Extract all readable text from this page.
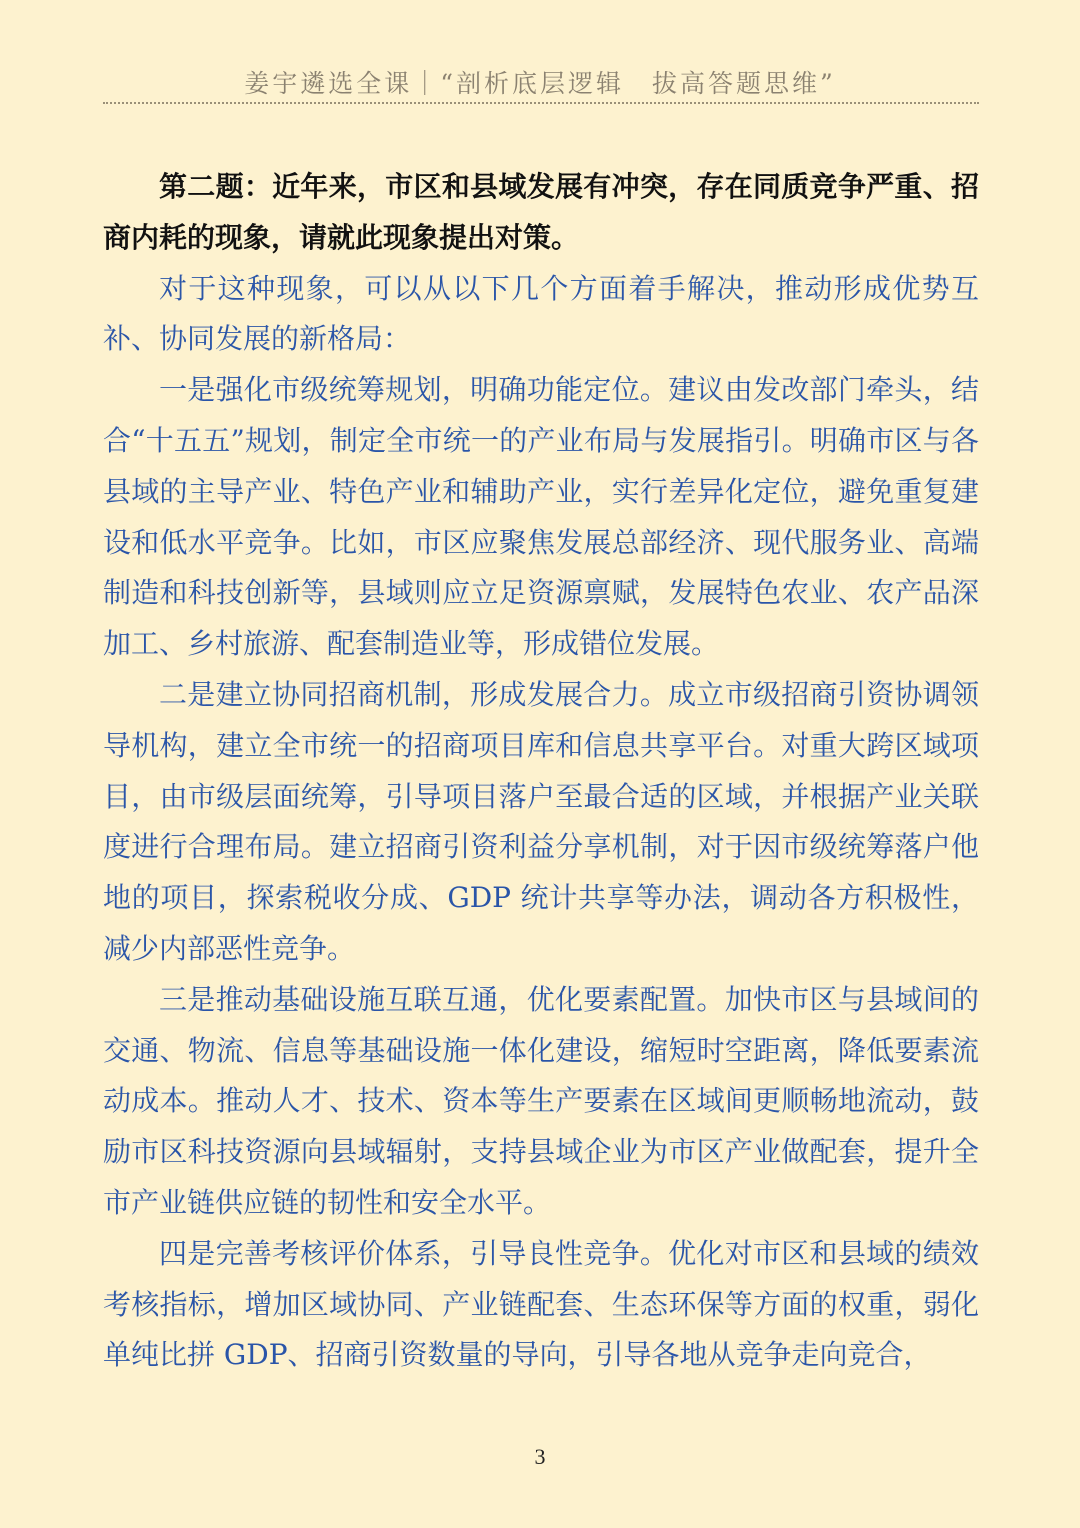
姜宇遴选全课｜“剖析底层逻辑　拔高答题思维”

第二题：近年来，市区和县域发展有冲突，存在同质竞争严重、招商内耗的现象，请就此现象提出对策。

对于这种现象，可以从以下几个方面着手解决，推动形成优势互补、协同发展的新格局：

一是强化市级统筹规划，明确功能定位。建议由发改部门牵头，结合“十五五”规划，制定全市统一的产业布局与发展指引。明确市区与各县域的主导产业、特色产业和辅助产业，实行差异化定位，避免重复建设和低水平竞争。比如，市区应聚焦发展总部经济、现代服务业、高端制造和科技创新等，县域则应立足资源禀赋，发展特色农业、农产品深加工、乡村旅游、配套制造业等，形成错位发展。

二是建立协同招商机制，形成发展合力。成立市级招商引资协调领导机构，建立全市统一的招商项目库和信息共享平台。对重大跨区域项目，由市级层面统筹，引导项目落户至最合适的区域，并根据产业关联度进行合理布局。建立招商引资利益分享机制，对于因市级统筹落户他地的项目，探索税收分成、GDP 统计共享等办法，调动各方积极性，减少内部恶性竞争。

三是推动基础设施互联互通，优化要素配置。加快市区与县域间的交通、物流、信息等基础设施一体化建设，缩短时空距离，降低要素流动成本。推动人才、技术、资本等生产要素在区域间更顺畅地流动，鼓励市区科技资源向县域辐射，支持县域企业为市区产业做配套，提升全市产业链供应链的韧性和安全水平。

四是完善考核评价体系，引导良性竞争。优化对市区和县域的绩效考核指标，增加区域协同、产业链配套、生态环保等方面的权重，弱化单纯比拼 GDP、招商引资数量的导向，引导各地从竞争走向竞合，

3
